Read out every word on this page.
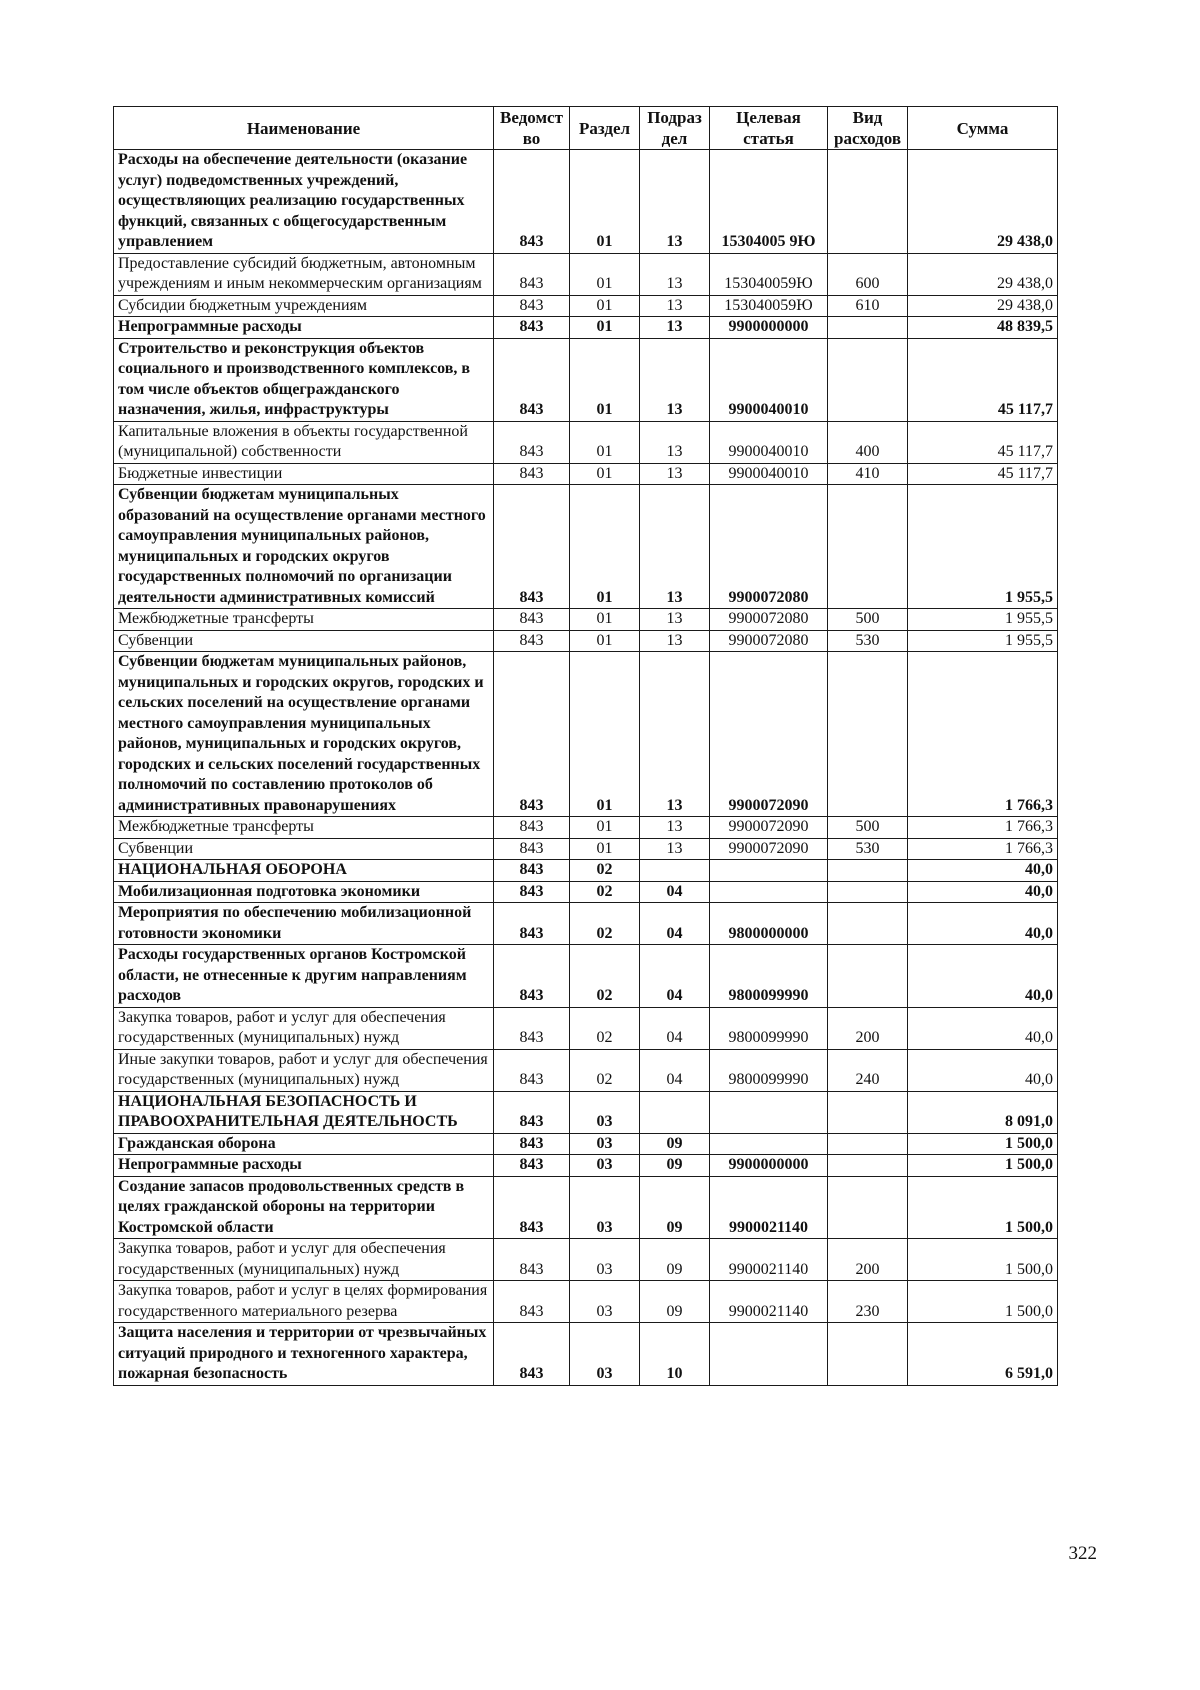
Наименование	Ведомст во	Раздел	Подраз дел	Целевая статья	Вид расходов	Сумма
Расходы на обеспечение деятельности (оказание услуг) подведомственных учреждений, осуществляющих реализацию государственных функций, связанных с общегосударственным управлением	843	01	13	15304005 9Ю		29 438,0
Предоставление субсидий бюджетным, автономным учреждениям и иным некоммерческим организациям	843	01	13	153040059Ю	600	29 438,0
Субсидии бюджетным учреждениям	843	01	13	153040059Ю	610	29 438,0
Непрограммные расходы	843	01	13	9900000000		48 839,5
Строительство и реконструкция объектов социального и производственного комплексов, в том числе объектов общегражданского назначения, жилья, инфраструктуры	843	01	13	9900040010		45 117,7
Капитальные вложения в объекты государственной (муниципальной) собственности	843	01	13	9900040010	400	45 117,7
Бюджетные инвестиции	843	01	13	9900040010	410	45 117,7
Субвенции бюджетам муниципальных образований на осуществление органами местного самоуправления муниципальных районов, муниципальных и городских округов государственных полномочий по организации деятельности административных комиссий	843	01	13	9900072080		1 955,5
Межбюджетные трансферты	843	01	13	9900072080	500	1 955,5
Субвенции	843	01	13	9900072080	530	1 955,5
Субвенции бюджетам муниципальных районов, муниципальных и городских округов, городских и сельских поселений на осуществление органами местного самоуправления муниципальных районов, муниципальных и городских округов, городских и сельских поселений государственных полномочий по составлению протоколов об административных правонарушениях	843	01	13	9900072090		1 766,3
Межбюджетные трансферты	843	01	13	9900072090	500	1 766,3
Субвенции	843	01	13	9900072090	530	1 766,3
НАЦИОНАЛЬНАЯ ОБОРОНА	843	02				40,0
Мобилизационная подготовка экономики	843	02	04			40,0
Мероприятия по обеспечению мобилизационной готовности экономики	843	02	04	9800000000		40,0
Расходы государственных органов Костромской области, не отнесенные к другим направлениям расходов	843	02	04	9800099990		40,0
Закупка товаров, работ и услуг для обеспечения государственных (муниципальных) нужд	843	02	04	9800099990	200	40,0
Иные закупки товаров, работ и услуг для обеспечения государственных (муниципальных) нужд	843	02	04	9800099990	240	40,0
НАЦИОНАЛЬНАЯ БЕЗОПАСНОСТЬ И ПРАВООХРАНИТЕЛЬНАЯ ДЕЯТЕЛЬНОСТЬ	843	03				8 091,0
Гражданская оборона	843	03	09			1 500,0
Непрограммные расходы	843	03	09	9900000000		1 500,0
Создание запасов продовольственных средств в целях гражданской обороны на территории Костромской области	843	03	09	9900021140		1 500,0
Закупка товаров, работ и услуг для обеспечения государственных (муниципальных) нужд	843	03	09	9900021140	200	1 500,0
Закупка товаров, работ и услуг в целях формирования государственного материального резерва	843	03	09	9900021140	230	1 500,0
Защита населения и территории от чрезвычайных ситуаций природного и техногенного характера, пожарная безопасность	843	03	10			6 591,0
322
